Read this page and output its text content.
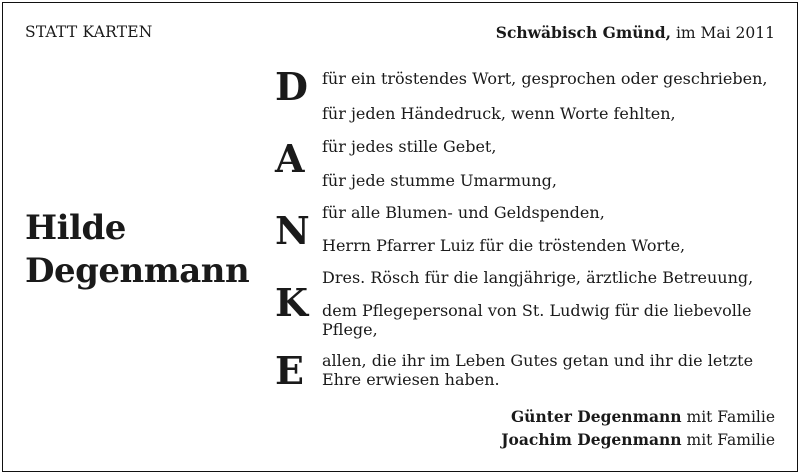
STATT KARTEN	Schwäbisch Gmünd, im Mai 2011
Hilde
Degenmann
D
A
N
K
E
für ein tröstendes Wort, gesprochen oder geschrieben,
für jeden Händedruck, wenn Worte fehlten,
für jedes stille Gebet,
für jede stumme Umarmung,
für alle Blumen- und Geldspenden,
Herrn Pfarrer Luiz für die tröstenden Worte,
Dres. Rösch für die langjährige, ärztliche Betreuung,
dem Pflegepersonal von St. Ludwig für die liebevolle Pflege,
allen, die ihr im Leben Gutes getan und ihr die letzte Ehre erwiesen haben.
Günter Degenmann mit Familie
Joachim Degenmann mit Familie
